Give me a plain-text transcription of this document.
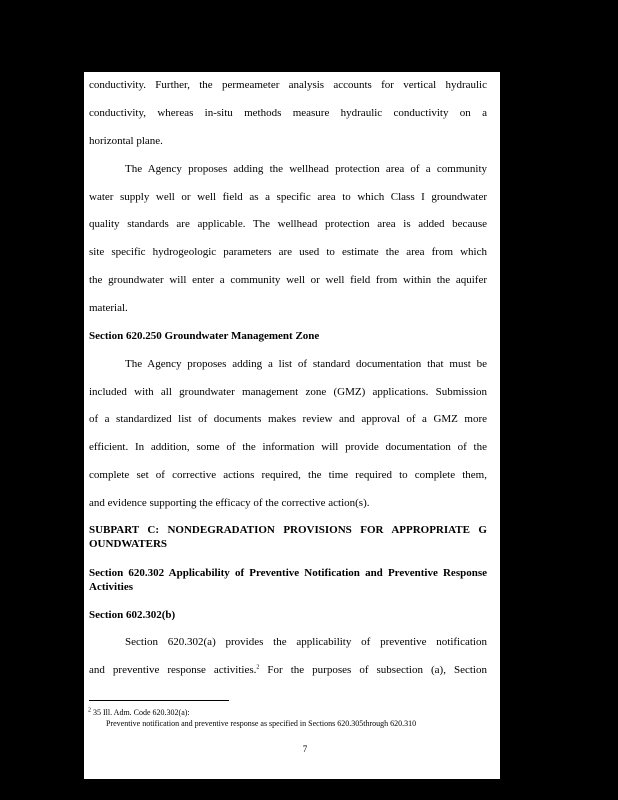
conductivity. Further, the permeameter analysis accounts for vertical hydraulic
conductivity, whereas in-situ methods measure hydraulic conductivity on a
horizontal plane.
The Agency proposes adding the wellhead protection area of a community
water supply well or well field as a specific area to which Class I groundwater
quality standards are applicable. The wellhead protection area is added because
site specific hydrogeologic parameters are used to estimate the area from which
the groundwater will enter a community well or well field from within the aquifer
material.
Section 620.250 Groundwater Management Zone
The Agency proposes adding a list of standard documentation that must be
included with all groundwater management zone (GMZ) applications. Submission
of a standardized list of documents makes review and approval of a GMZ more
efficient. In addition, some of the information will provide documentation of the
complete set of corrective actions required, the time required to complete them,
and evidence supporting the efficacy of the corrective action(s).
SUBPART C: NONDEGRADATION PROVISIONS FOR APPROPRIATE G OUNDWATERS
Section 620.302 Applicability of Preventive Notification and Preventive Response Activities
Section 602.302(b)
Section 620.302(a) provides the applicability of preventive notification
and preventive response activities.$^2$ For the purposes of subsection (a), Section
$^2$ 35 Ill. Adm. Code 620.302(a):
Preventive notification and preventive response as specified in Sections 620.305through 620.310
7
